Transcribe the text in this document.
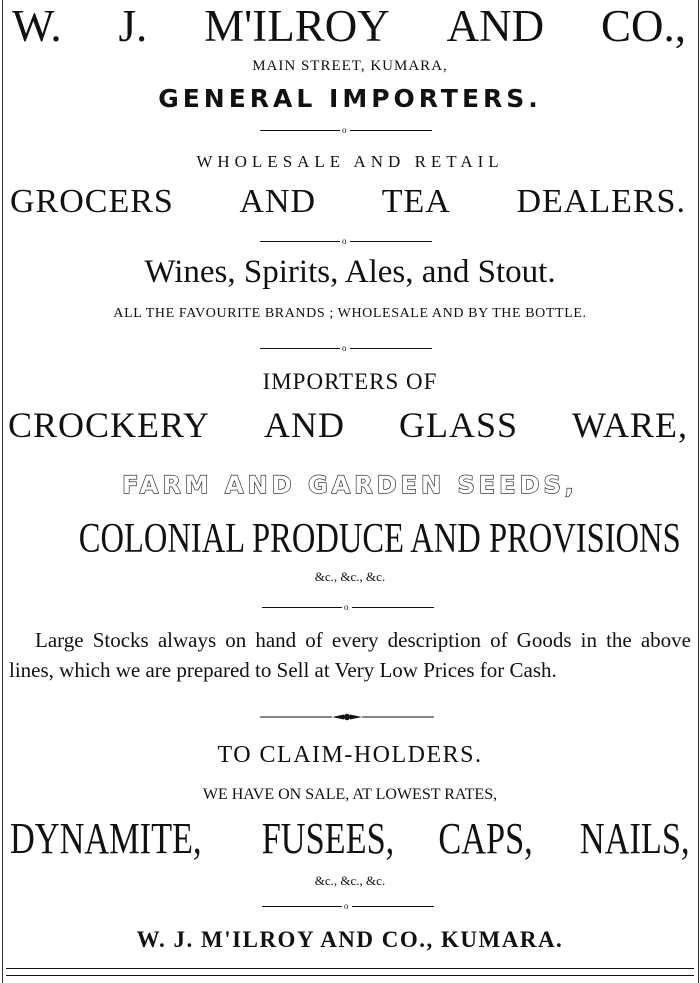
W. J. M'ILROY AND CO.,
MAIN STREET, KUMARA,
GENERAL IMPORTERS.
o
WHOLESALE AND RETAIL
GROCERS AND TEA DEALERS.
o
Wines, Spirits, Ales, and Stout.
ALL THE FAVOURITE BRANDS ; WHOLESALE AND BY THE BOTTLE.
o
IMPORTERS OF
CROCKERY AND GLASS WARE,
FARM AND GARDEN SEEDS,
COLONIAL PRODUCE AND PROVISIONS
&c., &c., &c.
o
Large Stocks always on hand of every description of Goods in the above lines, which we are prepared to Sell at Very Low Prices for Cash.
TO CLAIM-HOLDERS.
WE HAVE ON SALE, AT LOWEST RATES,
DYNAMITE, FUSEES, CAPS, NAILS,
&c., &c., &c.
o
W. J. M'ILROY AND CO., KUMARA.
